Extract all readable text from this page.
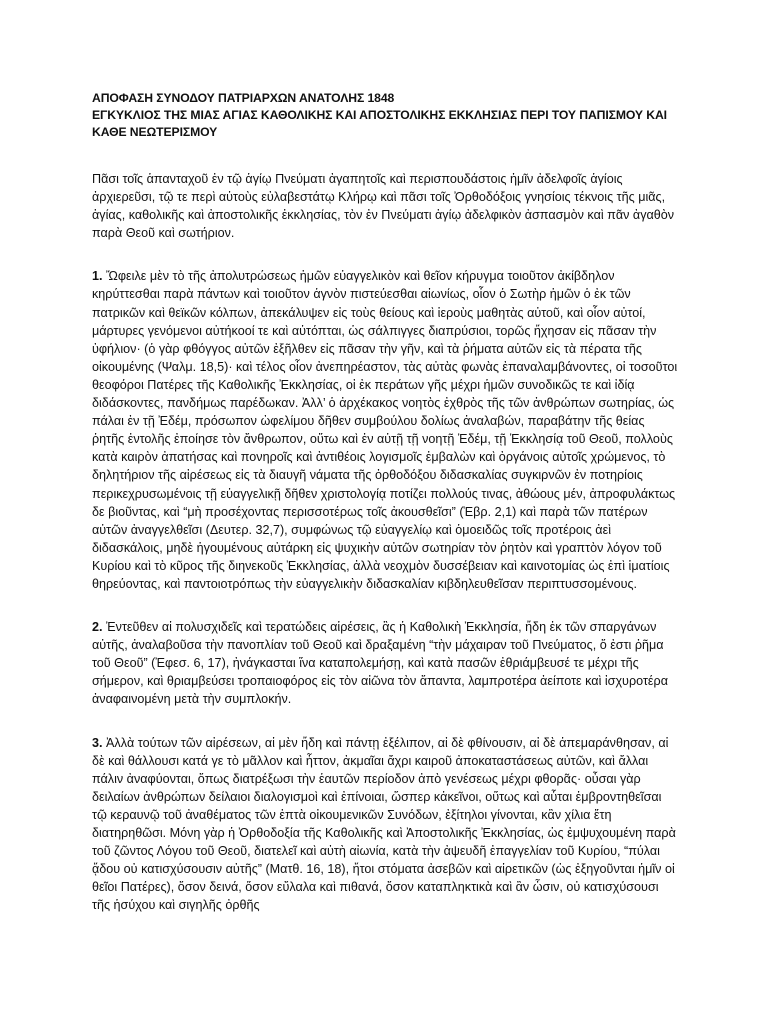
ΑΠΟΦΑΣΗ ΣΥΝΟΔΟΥ ΠΑΤΡΙΑΡΧΩΝ ΑΝΑΤΟΛΗΣ 1848

ΕΓΚΥΚΛΙΟΣ ΤΗΣ ΜΙΑΣ ΑΓΙΑΣ ΚΑΘΟΛΙΚΗΣ ΚΑΙ ΑΠΟΣΤΟΛΙΚΗΣ ΕΚΚΛΗΣΙΑΣ ΠΕΡΙ ΤΟΥ ΠΑΠΙΣΜΟΥ ΚΑΙ

ΚΑΘΕ ΝΕΩΤΕΡΙΣΜΟΥ

Πᾶσι τοῖς ἁπανταχοῦ ἐν τῷ ἁγίῳ Πνεύματι ἀγαπητοῖς καὶ περισπουδάστοις ἡμῖν ἀδελφοῖς ἁγίοις ἀρχιερεῦσι, τῷ τε περὶ αὐτοὺς εὐλαβεστάτῳ Κλήρῳ καὶ πᾶσι τοῖς Ὀρθοδόξοις γνησίοις τέκνοις τῆς μιᾶς, ἁγίας, καθολικῆς καὶ ἀποστολικῆς ἐκκλησίας, τὸν ἐν Πνεύματι ἁγίῳ ἀδελφικὸν ἀσπασμὸν καὶ πᾶν ἀγαθὸν παρὰ Θεοῦ καὶ σωτήριον.

1. Ὤφειλε μὲν τὸ τῆς ἀπολυτρώσεως ἡμῶν εὐαγγελικὸν καὶ θεῖον κήρυγμα τοιοῦτον ἀκίβδηλον κηρύττεσθαι παρὰ πάντων καὶ τοιοῦτον ἁγνὸν πιστεύεσθαι αἰωνίως, οἷον ὁ Σωτὴρ ἡμῶν ὁ ἐκ τῶν πατρικῶν καὶ θεϊκῶν κόλπων, ἀπεκάλυψεν εἰς τοὺς θείους καὶ ἱεροὺς μαθητὰς αὐτοῦ, καὶ οἷον αὐτοί, μάρτυρες γενόμενοι αὐτήκοοί τε καὶ αὐτόπται, ὡς σάλπιγγες διαπρύσιοι, τορῶς ἤχησαν εἰς πᾶσαν τὴν ὑφήλιον· (ὁ γὰρ φθόγγος αὐτῶν ἐξῆλθεν εἰς πᾶσαν τὴν γῆν, καὶ τὰ ῥήματα αὐτῶν εἰς τὰ πέρατα τῆς οἰκουμένης (Ψαλμ. 18,5)· καὶ τέλος οἷον ἀνεπηρέαστον, τὰς αὐτὰς φωνὰς ἐπαναλαμβάνοντες, οἱ τοσοῦτοι θεοφόροι Πατέρες τῆς Καθολικῆς Ἐκκλησίας, οἱ ἐκ περάτων γῆς μέχρι ἡμῶν συνοδικῶς τε καὶ ἰδίᾳ διδάσκοντες, πανδήμως παρέδωκαν. Ἀλλ’ ὁ ἀρχέκακος νοητὸς ἐχθρὸς τῆς τῶν ἀνθρώπων σωτηρίας, ὡς πάλαι ἐν τῇ Ἐδέμ, πρόσωπον ὠφελίμου δῆθεν συμβούλου δολίως ἀναλαβών, παραβάτην τῆς θείας ῥητῆς ἐντολῆς ἐποίησε τὸν ἄνθρωπον, οὕτω καὶ ἐν αὐτῇ τῇ νοητῇ Ἐδέμ, τῇ Ἐκκλησίᾳ τοῦ Θεοῦ, πολλοὺς κατὰ καιρὸν ἀπατήσας καὶ πονηροῖς καὶ ἀντιθέοις λογισμοῖς ἐμβαλὼν καὶ ὀργάνοις αὐτοῖς χρώμενος, τὸ δηλητήριον τῆς αἱρέσεως εἰς τὰ διαυγῆ νάματα τῆς ὀρθοδόξου διδασκαλίας συγκιρνῶν ἐν ποτηρίοις περικεχρυσωμένοις τῇ εὐαγγελικῇ δῆθεν χριστολογίᾳ ποτίζει πολλούς τινας, ἀθώους μέν, ἀπροφυλάκτως δε βιοῦντας, καὶ “μὴ προσέχοντας περισσοτέρως τοῖς ἀκουσθεῖσι” (Ἑβρ. 2,1) καὶ παρὰ τῶν πατέρων αὐτῶν ἀναγγελθεῖσι (Δευτερ. 32,7), συμφώνως τῷ εὐαγγελίῳ καὶ ὁμοειδῶς τοῖς προτέροις ἀεὶ διδασκάλοις, μηδὲ ἡγουμένους αὐτάρκη εἰς ψυχικὴν αὐτῶν σωτηρίαν τὸν ῥητὸν καὶ γραπτὸν λόγον τοῦ Κυρίου καὶ τὸ κῦρος τῆς διηνεκοῦς Ἐκκλησίας, ἀλλὰ νεοχμὸν δυσσέβειαν καὶ καινοτομίας ὡς ἐπὶ ἱματίοις θηρεύοντας, καὶ παντοιοτρόπως τὴν εὐαγγελικὴν διδασκαλίαν κιβδηλευθεῖσαν περιπτυσσομένους.

2. Ἐντεῦθεν αἱ πολυσχιδεῖς καὶ τερατώδεις αἱρέσεις, ἃς ἡ Καθολικὴ Ἐκκλησία, ἤδη ἐκ τῶν σπαργάνων αὐτῆς, ἀναλαβοῦσα τὴν πανοπλίαν τοῦ Θεοῦ καὶ δραξαμένη “τὴν μάχαιραν τοῦ Πνεύματος, ὅ ἐστι ῥῆμα τοῦ Θεοῦ” (Ἐφεσ. 6, 17), ἠνάγκασται ἵνα καταπολεμήσῃ, καὶ κατὰ πασῶν ἐθριάμβευσέ τε μέχρι τῆς σήμερον, καὶ θριαμβεύσει τροπαιοφόρος εἰς τὸν αἰῶνα τὸν ἅπαντα, λαμπροτέρα ἀείποτε καὶ ἰσχυροτέρα ἀναφαινομένη μετὰ τὴν συμπλοκήν.

3. Ἀλλὰ τούτων τῶν αἱρέσεων, αἱ μὲν ἤδη καὶ πάντῃ ἐξέλιπον, αἱ δὲ φθίνουσιν, αἱ δὲ ἀπεμαράνθησαν, αἱ δὲ καὶ θάλλουσι κατά γε τὸ μᾶλλον καὶ ἧττον, ἀκμαῖαι ἄχρι καιροῦ ἀποκαταστάσεως αὐτῶν, καὶ ἄλλαι πάλιν ἀναφύονται, ὅπως διατρέξωσι τὴν ἑαυτῶν περίοδον ἀπὸ γενέσεως μέχρι φθορᾶς· οὖσαι γὰρ δειλαίων ἀνθρώπων δείλαιοι διαλογισμοὶ καὶ ἐπίνοιαι, ὥσπερ κἀκεῖνοι, οὕτως καὶ αὗται ἐμβροντηθεῖσαι τῷ κεραυνῷ τοῦ ἀναθέματος τῶν ἑπτὰ οἰκουμενικῶν Συνόδων, ἐξίτηλοι γίνονται, κἂν χίλια ἔτη διατηρηθῶσι. Μόνη γὰρ ἡ Ὀρθοδοξία τῆς Καθολικῆς καὶ Ἀποστολικῆς Ἐκκλησίας, ὡς ἐμψυχουμένη παρὰ τοῦ ζῶντος Λόγου τοῦ Θεοῦ, διατελεῖ καὶ αὐτὴ αἰωνία, κατὰ τὴν ἀψευδῆ ἐπαγγελίαν τοῦ Κυρίου, “πύλαι ᾅδου οὐ κατισχύσουσιν αὐτῆς” (Ματθ. 16, 18), ἤτοι στόματα ἀσεβῶν καὶ αἱρετικῶν (ὡς ἐξηγοῦνται ἡμῖν οἱ θεῖοι Πατέρες), ὅσον δεινά, ὅσον εὔλαλα καὶ πιθανά, ὅσον καταπληκτικὰ καὶ ἂν ὦσιν, οὐ κατισχύσουσι τῆς ἡσύχου καὶ σιγηλῆς ὀρθῆς
